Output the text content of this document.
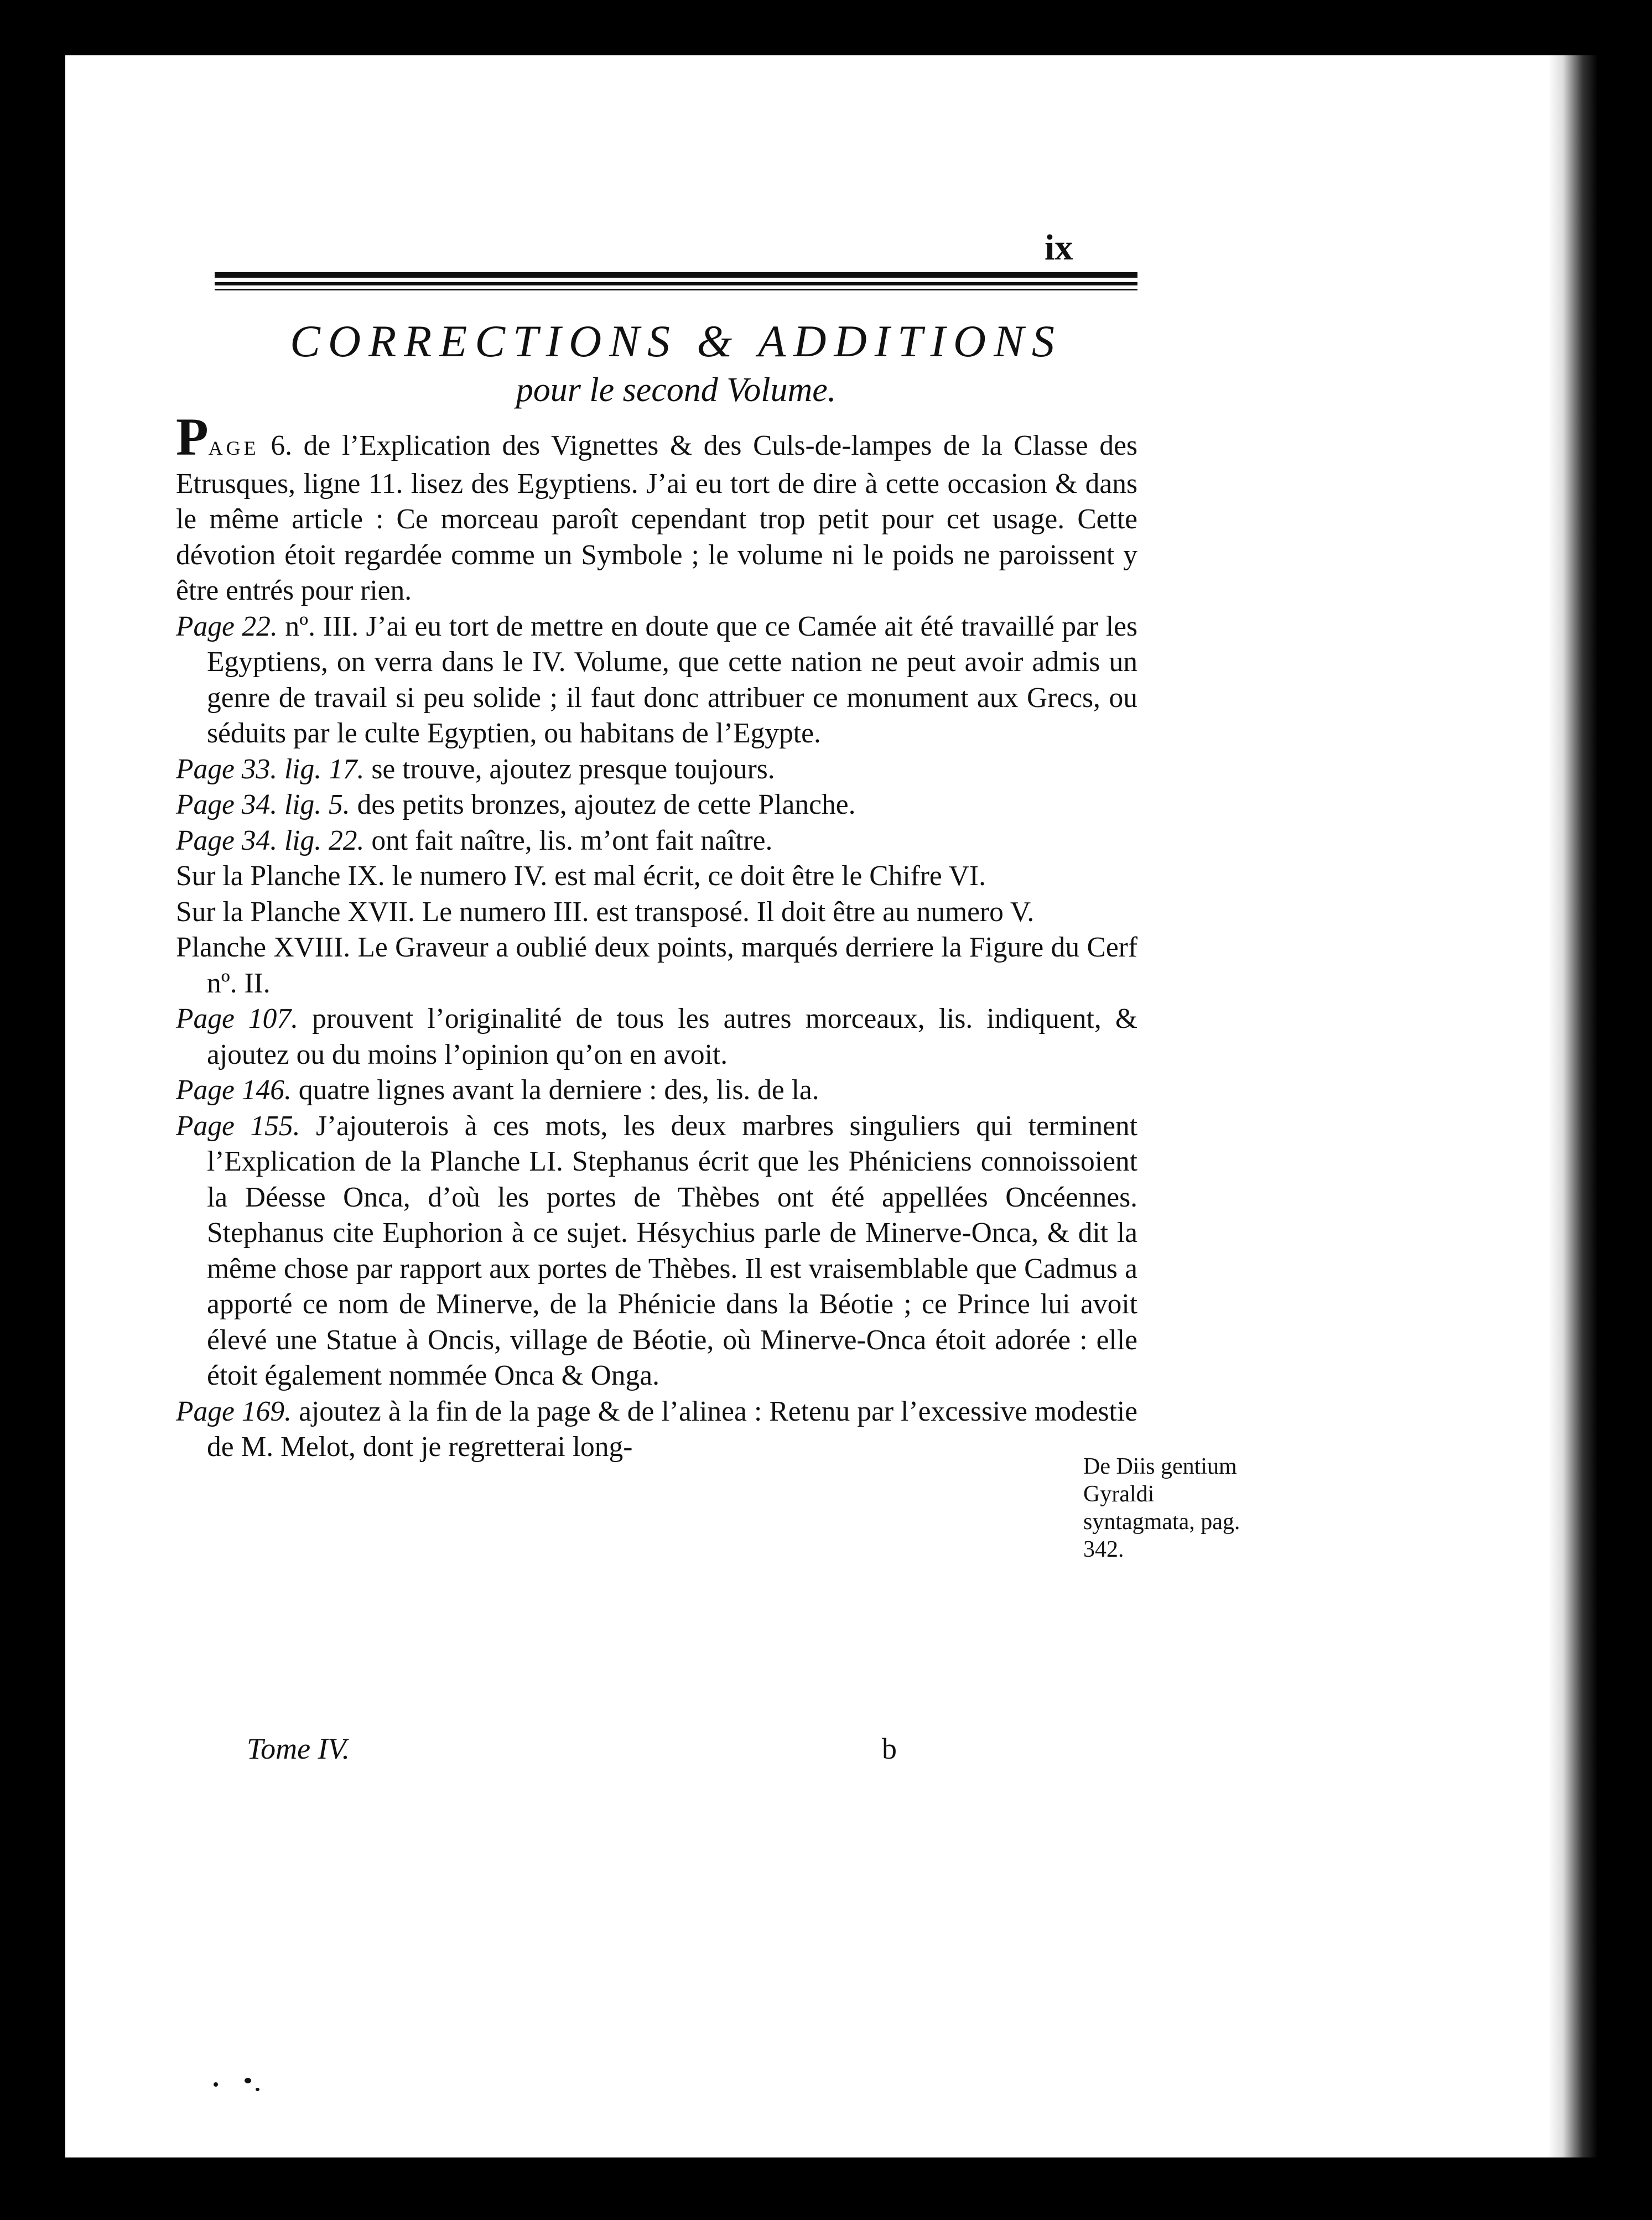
ix
CORRECTIONS & ADDITIONS
pour le second Volume.
PAGE 6. de l’Explication des Vignettes & des Culs-de-lampes de la Classe des Etrusques, ligne 11. lisez des Egyptiens. J’ai eu tort de dire à cette occasion & dans le même article : Ce morceau paroît cependant trop petit pour cet usage. Cette dévotion étoit regardée comme un Symbole ; le volume ni le poids ne paroissent y être entrés pour rien.
Page 22. nº. III. J’ai eu tort de mettre en doute que ce Camée ait été travaillé par les Egyptiens, on verra dans le IV. Volume, que cette nation ne peut avoir admis un genre de travail si peu solide ; il faut donc attribuer ce monument aux Grecs, ou séduits par le culte Egyptien, ou habitans de l’Egypte.
Page 33. lig. 17. se trouve, ajoutez presque toujours.
Page 34. lig. 5. des petits bronzes, ajoutez de cette Planche.
Page 34. lig. 22. ont fait naître, lis. m’ont fait naître.
Sur la Planche IX. le numero IV. est mal écrit, ce doit être le Chifre VI.
Sur la Planche XVII. Le numero III. est transposé. Il doit être au numero V.
Planche XVIII. Le Graveur a oublié deux points, marqués derriere la Figure du Cerf nº. II.
Page 107. prouvent l’originalité de tous les autres morceaux, lis. indiquent, & ajoutez ou du moins l’opinion qu’on en avoit.
Page 146. quatre lignes avant la derniere : des, lis. de la.
Page 155. J’ajouterois à ces mots, les deux marbres singuliers qui terminent l’Explication de la Planche LI. Stephanus écrit que les Phéniciens connoissoient la Déesse Onca, d’où les portes de Thèbes ont été appellées Oncéennes. Stephanus cite Euphorion à ce sujet. Hésychius parle de Minerve-Onca, & dit la même chose par rapport aux portes de Thèbes. Il est vraisemblable que Cadmus a apporté ce nom de Minerve, de la Phénicie dans la Béotie ; ce Prince lui avoit élevé une Statue à Oncis, village de Béotie, où Minerve-Onca étoit adorée : elle étoit également nommée Onca & Onga.
Page 169. ajoutez à la fin de la page & de l’alinea : Retenu par l’excessive modestie de M. Melot, dont je regretterai long-
De Diis gentium Gyraldi syntagmata, pag. 342.
Tome IV.	b
